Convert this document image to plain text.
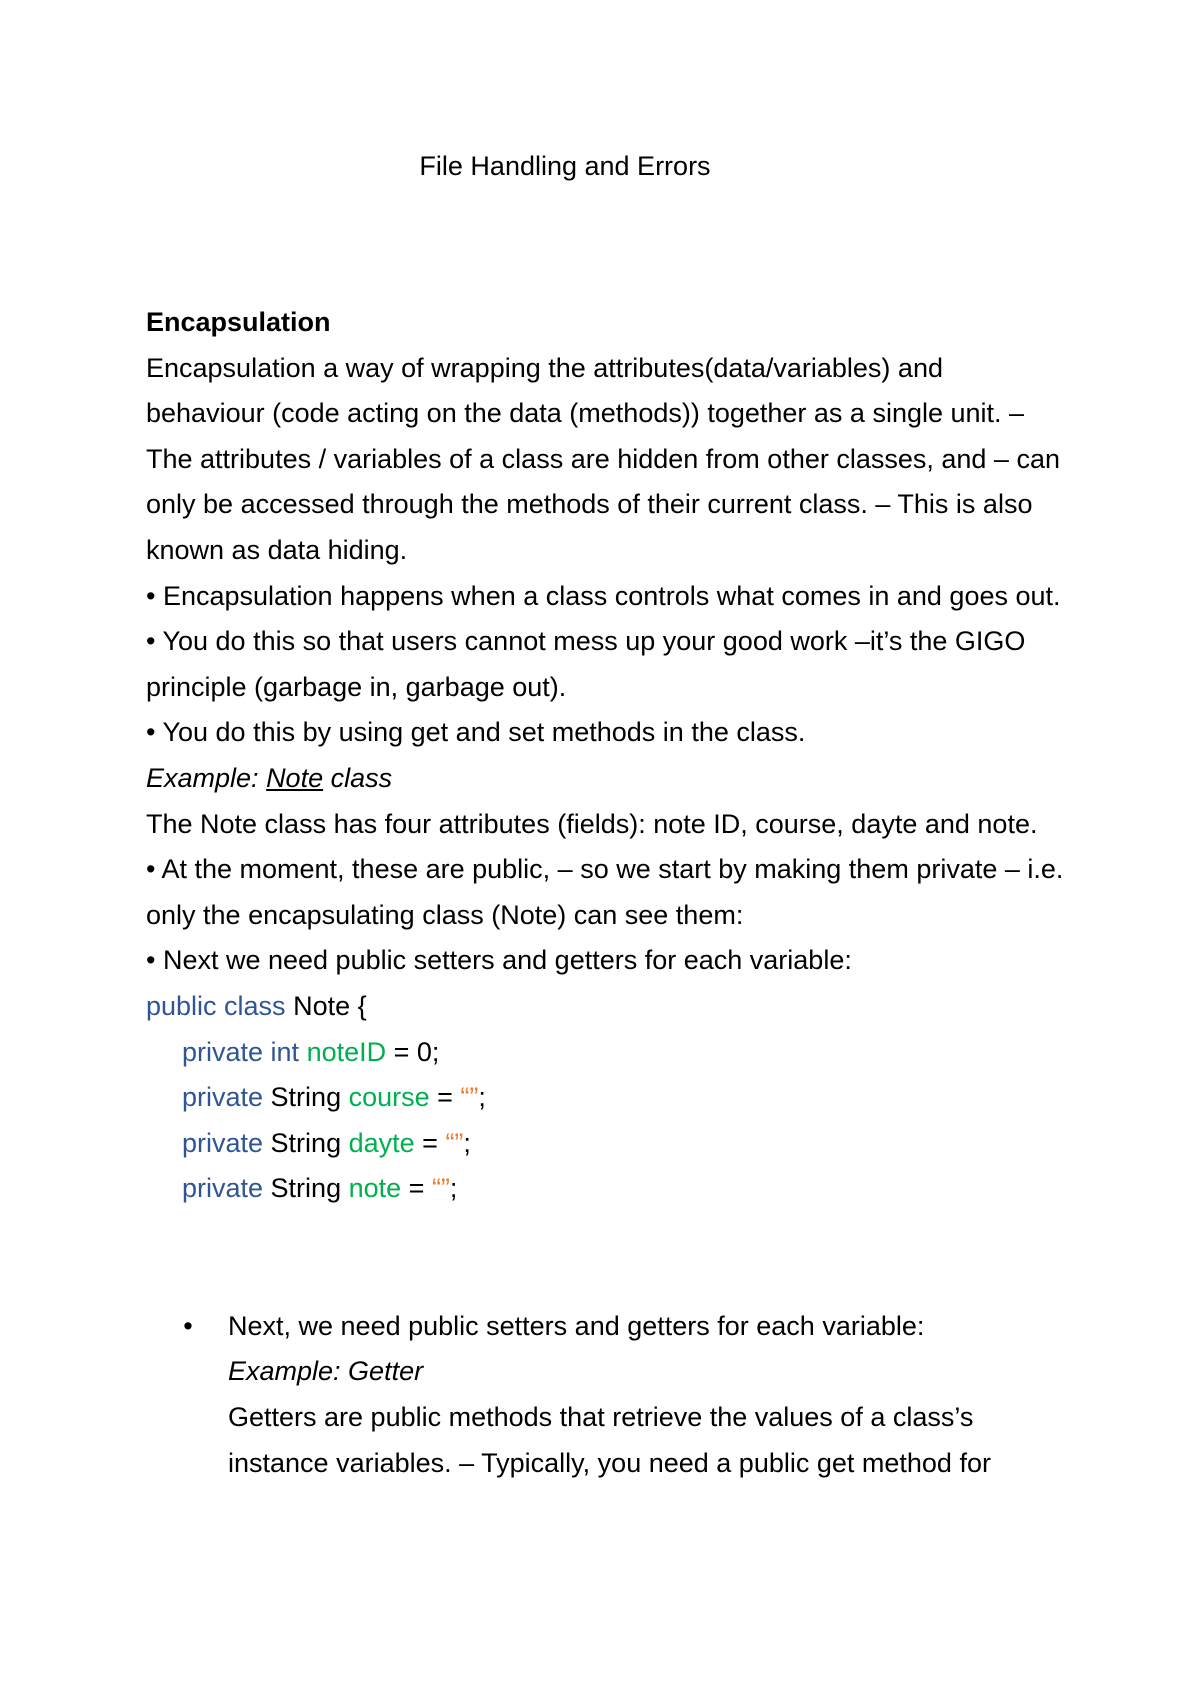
File Handling and Errors

Encapsulation

Encapsulation a way of wrapping the attributes(data/variables) and behaviour (code acting on the data (methods)) together as a single unit. – The attributes / variables of a class are hidden from other classes, and – can only be accessed through the methods of their current class. – This is also known as data hiding.

• Encapsulation happens when a class controls what comes in and goes out.

• You do this so that users cannot mess up your good work –it’s the GIGO principle (garbage in, garbage out).

• You do this by using get and set methods in the class.

Example: Note class

The Note class has four attributes (fields): note ID, course, dayte and note.

• At the moment, these are public, – so we start by making them private – i.e. only the encapsulating class (Note) can see them:

• Next we need public setters and getters for each variable:

public class Note {

private int noteID = 0;

private String course = “”;

private String dayte = “”;

private String note = “”;

• Next, we need public setters and getters for each variable:

Example: Getter

Getters are public methods that retrieve the values of a class’s instance variables. – Typically, you need a public get method for
